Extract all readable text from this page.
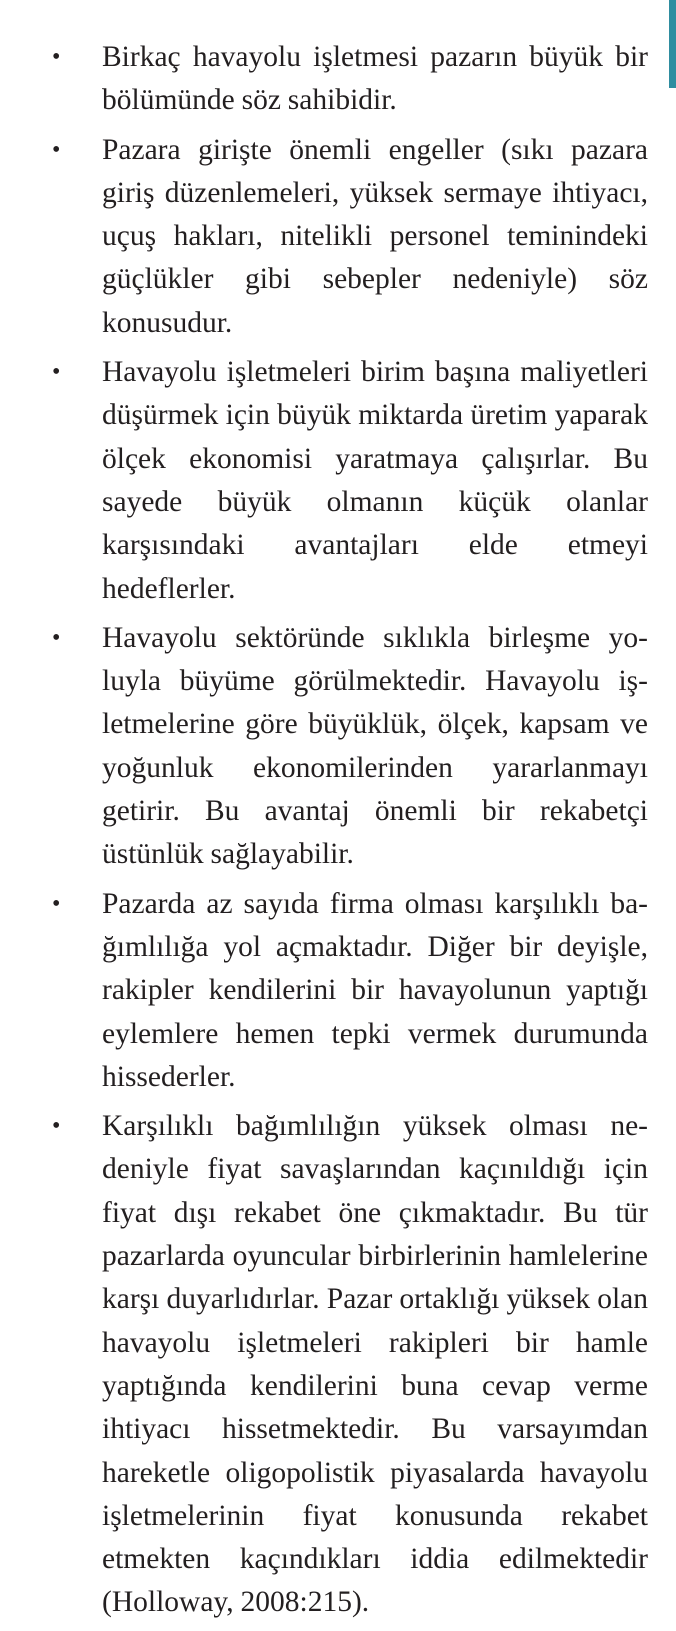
• Birkaç havayolu işletmesi pazarın büyük bir bölümünde söz sahibidir.
• Pazara girişte önemli engeller (sıkı pazara giriş düzenlemeleri, yüksek sermaye ihtiyacı, uçuş hakları, nitelikli personel teminindeki güçlükler gibi sebepler nedeniyle) söz konusudur.
• Havayolu işletmeleri birim başına maliyetleri düşürmek için büyük miktarda üretim yaparak ölçek ekonomisi yaratmaya çalışırlar. Bu sayede büyük olmanın küçük olanlar karşısındaki avantajları elde etmeyi hedeflerler.
• Havayolu sektöründe sıklıkla birleşme yoluyla büyüme görülmektedir. Havayolu işletmelerine göre büyüklük, ölçek, kapsam ve yoğunluk ekonomilerinden yararlanmayı getirir. Bu avantaj önemli bir rekabetçi üstünlük sağlayabilir.
• Pazarda az sayıda firma olması karşılıklı bağımlılığa yol açmaktadır. Diğer bir deyişle, rakipler kendilerini bir havayolunun yaptığı eylemlere hemen tepki vermek durumunda hissederler.
• Karşılıklı bağımlılığın yüksek olması nedeniyle fiyat savaşlarından kaçınıldığı için fiyat dışı rekabet öne çıkmaktadır. Bu tür pazarlarda oyuncular birbirlerinin hamlelerine karşı duyarlıdırlar. Pazar ortaklığı yüksek olan havayolu işletmeleri rakipleri bir hamle yaptığında kendilerini buna cevap verme ihtiyacı hissetmektedir. Bu varsayımdan hareketle oligopolistik piyasalarda havayolu işletmelerinin fiyat konusunda rekabet etmekten kaçındıkları iddia edilmektedir (Holloway, 2008:215).
